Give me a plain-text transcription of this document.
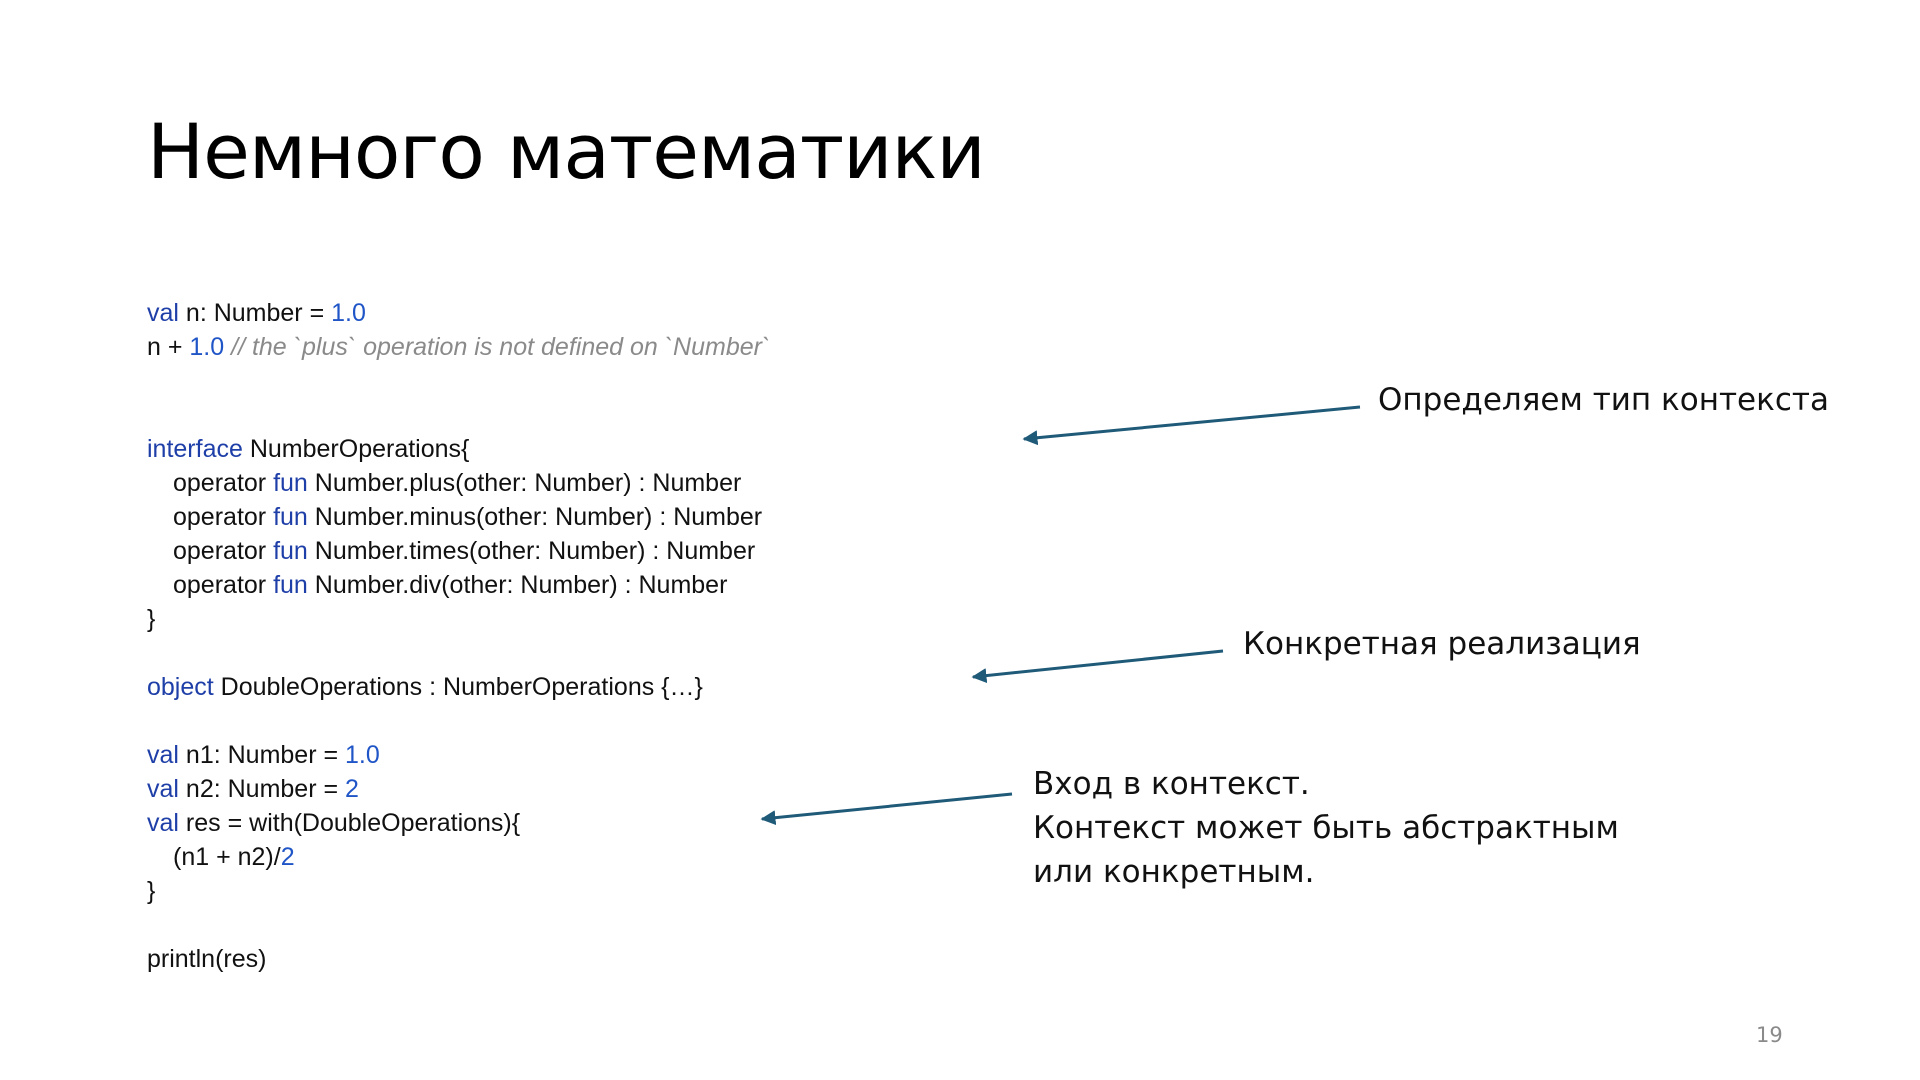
Немного математики
val n: Number = 1.0
n + 1.0 // the `plus` operation is not defined on `Number`
interface NumberOperations{
operator fun Number.plus(other: Number) : Number
operator fun Number.minus(other: Number) : Number
operator fun Number.times(other: Number) : Number
operator fun Number.div(other: Number) : Number
}
object DoubleOperations : NumberOperations {…}
val n1: Number = 1.0
val n2: Number = 2
val res = with(DoubleOperations){
(n1 + n2)/2
}
println(res)
Определяем тип контекста
Конкретная реализация
Вход в контекст.
Контекст может быть абстрактным
или конкретным.
19
